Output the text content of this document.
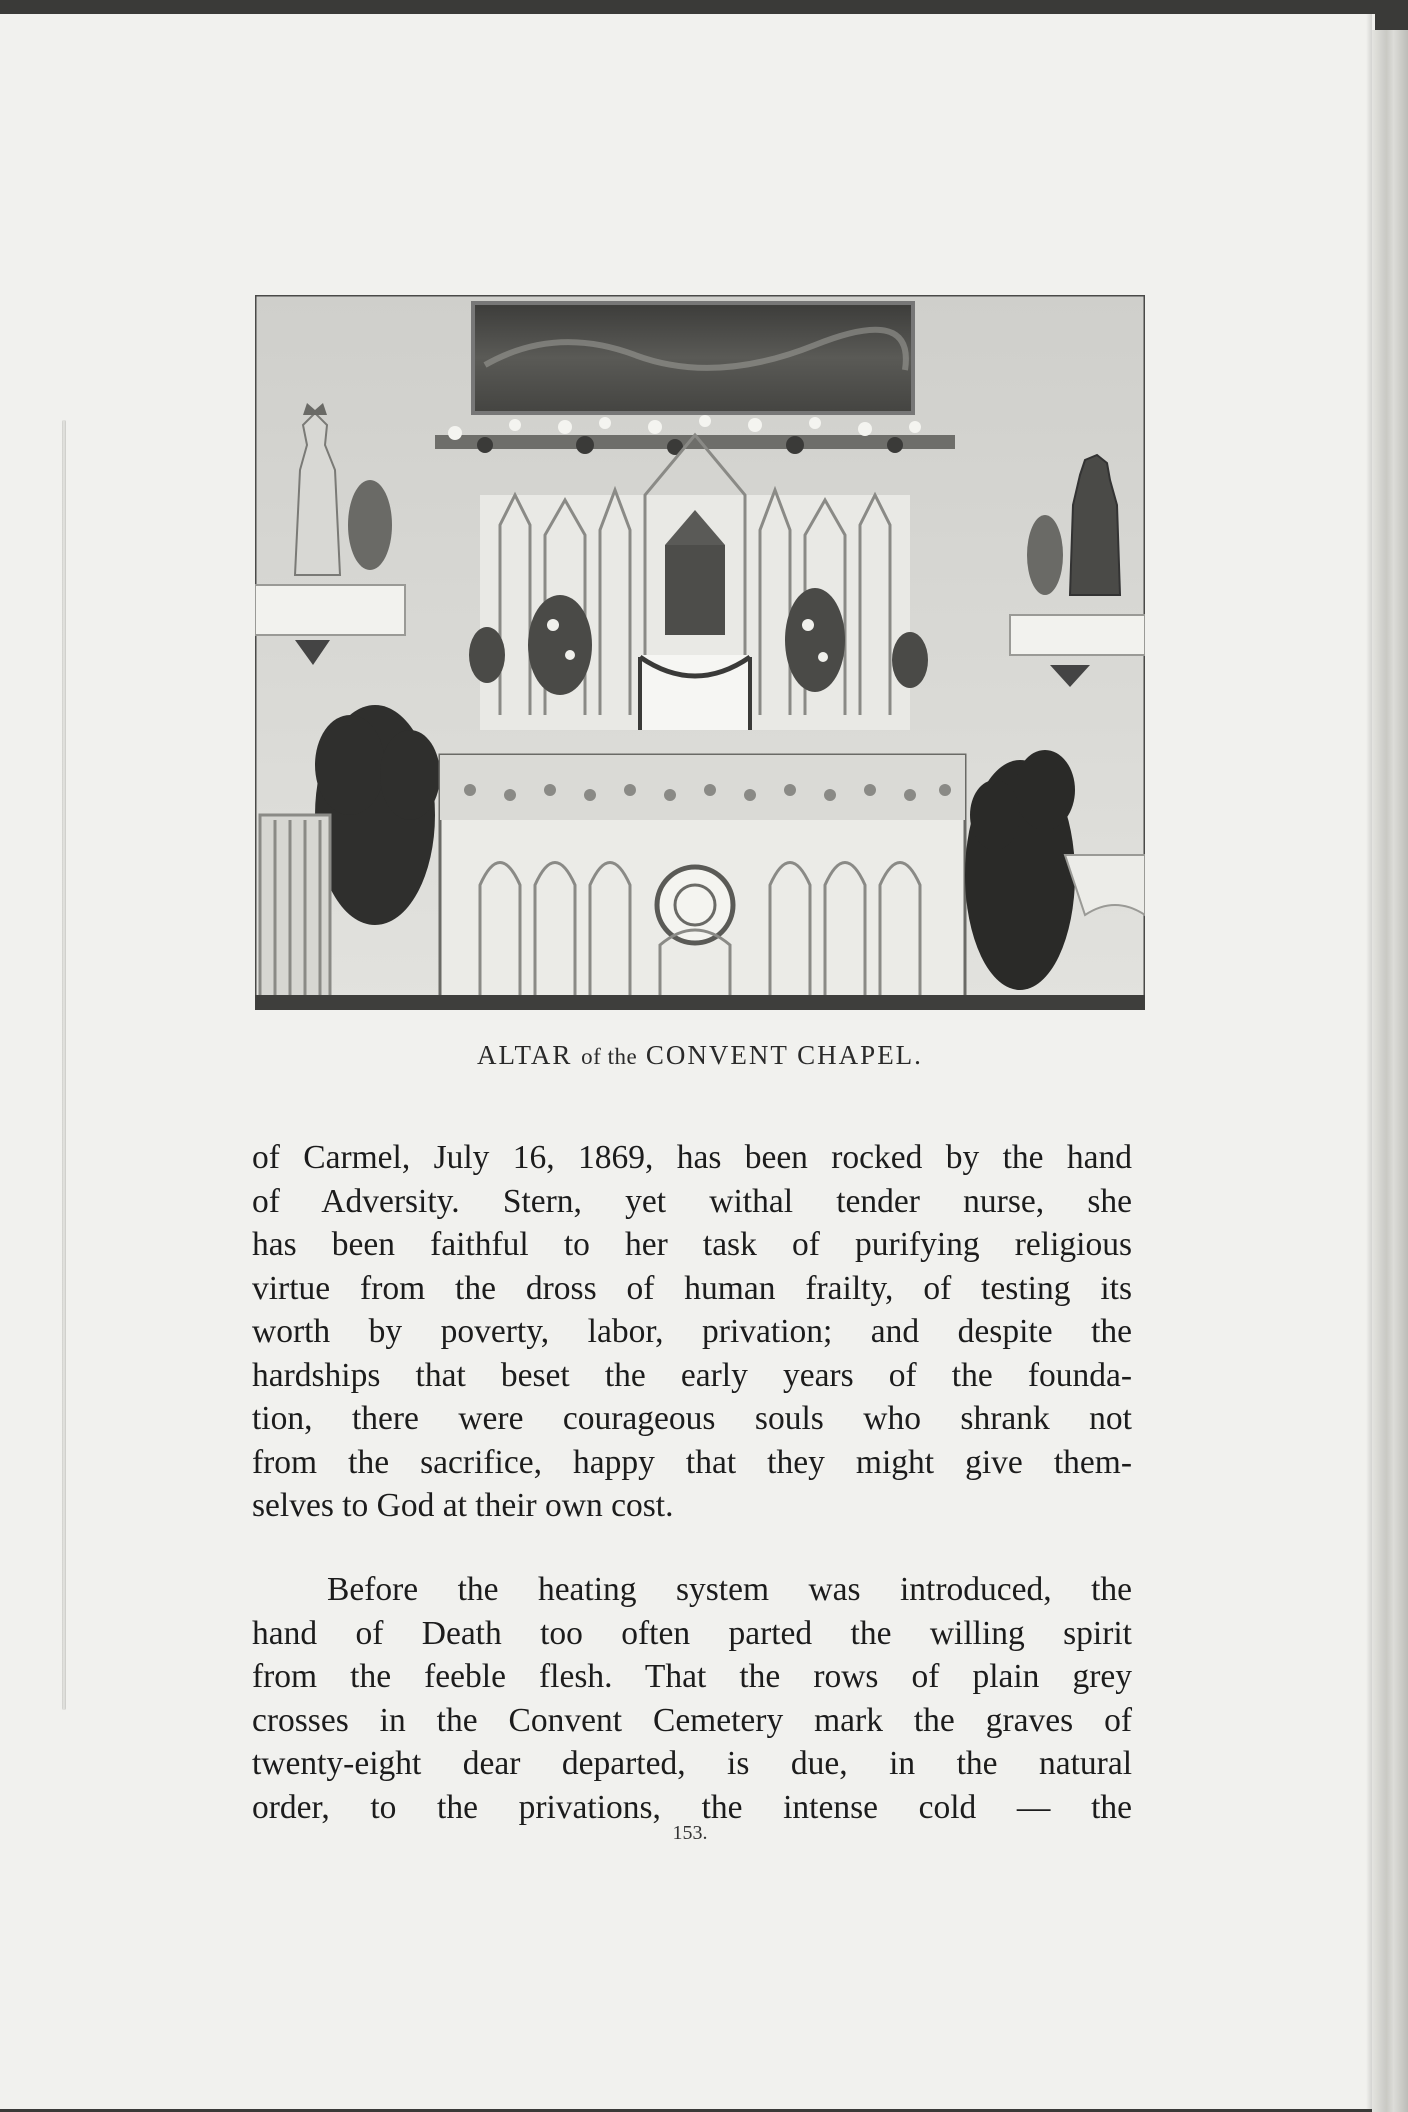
ALTAR of the CONVENT CHAPEL.
of Carmel, July 16, 1869, has been rocked by the hand
of Adversity. Stern, yet withal tender nurse, she
has been faithful to her task of purifying religious
virtue from the dross of human frailty, of testing its
worth by poverty, labor, privation; and despite the
hardships that beset the early years of the founda-
tion, there were courageous souls who shrank not
from the sacrifice, happy that they might give them-
selves to God at their own cost.
Before the heating system was introduced, the
hand of Death too often parted the willing spirit
from the feeble flesh. That the rows of plain grey
crosses in the Convent Cemetery mark the graves of
twenty-eight dear departed, is due, in the natural
order, to the privations, the intense cold — the
153.
